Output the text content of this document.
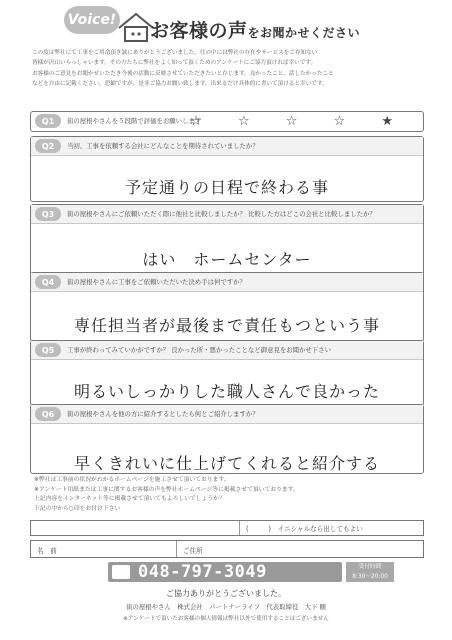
Voice! お客様の声をお聞かせください
この度は弊社にて工事をご用命頂き誠にありがとうございました。住の中には弊社の存在やサービスをご存知ない
皆様が沢山いらっしゃいます。その方たちに弊社をよく知って頂くためのアンケートにご協力頂ければ幸いです。
お客様のご意見をお聞かせいただき今後の活動に反映させていただきたいと存じます。良かったこと、話したかったこと
などを自由に記載ください。恐縮ですが、是非ご協力お願い致します。出来るだけ具体的に書いて頂けると幸いです。
Q1	街の屋根やさんを５段階で評価をお願いします
☆ ☆ ☆ ☆ ★
Q2	当初、工事を依頼する会社にどんなことを期待されていましたか？
予定通りの日程で終わる事
Q3	街の屋根やさんにご依頼いただく際に他社と比較しましたか？ 比較した方はどこの会社と比較しましたか？
はい　ホームセンター
Q4	街の屋根やさんに工事をご依頼いただいた決め手は何ですか？
専任担当者が最後まで責任もつという事
Q5	工事が終わってみていかがですか？ 良かった所・悪かったことなど御意見をお聞かせ下さい
明るいしっかりした職人さんで良かった
Q6	街の屋根やさんを他の方に紹介するとしたら何とご紹介しますか？
早くきれいに仕上げてくれると紹介する
※弊社は工事前の状況がわかるホームページを施工させて頂いております。
※アンケート用紙または工事に関するお客様の声を弊社ホームページ等に掲載させて頂いております。
上記内容をインターネット等に掲載させて頂いてもよろしいでしょうか？
下記の中から○印をお付け下さい
(　　　)　イニシャルなら出してもよい
名　前	ご住所
048-797-3049	受付時間
8:30〜20:00
ご協力ありがとうございました。
街の屋根やさん　株式会社　パートナーライフ　代表取締役　大下 剛
※アンケートで頂いたお客様の個人情報は弊社以外で使用することはございません
